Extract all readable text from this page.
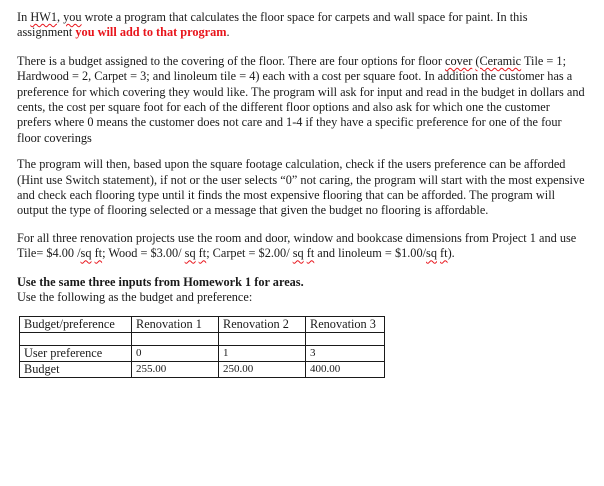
In HW1, you wrote a program that calculates the floor space for carpets and wall space for paint. In this assignment you will add to that program.

There is a budget assigned to the covering of the floor. There are four options for floor cover (Ceramic Tile = 1; Hardwood = 2, Carpet = 3; and linoleum tile = 4) each with a cost per square foot. In addition the customer has a preference for which covering they would like. The program will ask for input and read in the budget in dollars and cents, the cost per square foot for each of the different floor options and also ask for which one the customer prefers where 0 means the customer does not care and 1-4 if they have a specific preference for one of the four floor coverings

The program will then, based upon the square footage calculation, check if the users preference can be afforded (Hint use Switch statement), if not or the user selects “0” not caring, the program will start with the most expensive and check each flooring type until it finds the most expensive flooring that can be afforded. The program will output the type of flooring selected or a message that given the budget no flooring is affordable.

For all three renovation projects use the room and door, window and bookcase dimensions from Project 1 and use Tile= $4.00 /sq ft; Wood = $3.00/ sq ft; Carpet = $2.00/ sq ft and linoleum = $1.00/sq ft).

Use the same three inputs from Homework 1 for areas.

Use the following as the budget and preference:

Budget/preference	Renovation 1	Renovation 2	Renovation 3

User preference	0	1	3
Budget	255.00	250.00	400.00
